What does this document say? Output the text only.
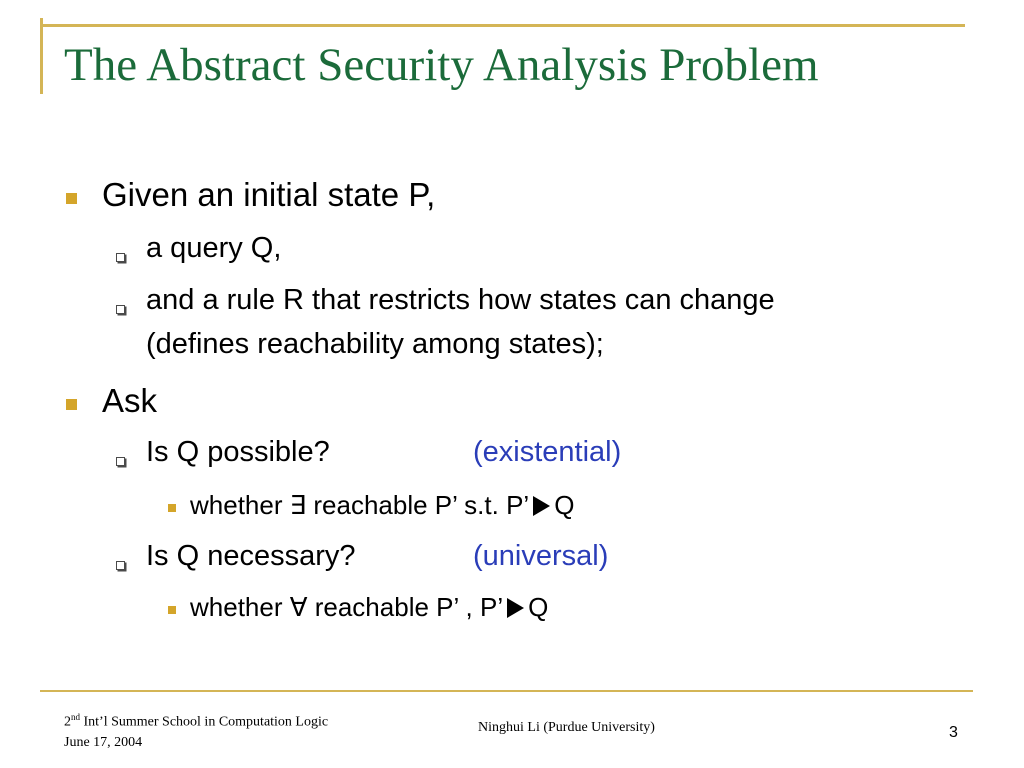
The Abstract Security Analysis Problem
Given an initial state P,
a query Q,
and a rule R that restricts how states can change
(defines reachability among states);
Ask
Is Q possible?	(existential)
whether ∃ reachable P’ s.t. P’ Q
Is Q necessary?	(universal)
whether ∀ reachable P’ , P’ Q
2nd Int’l Summer School in Computation Logic
June 17, 2004
Ninghui Li (Purdue University)	3
